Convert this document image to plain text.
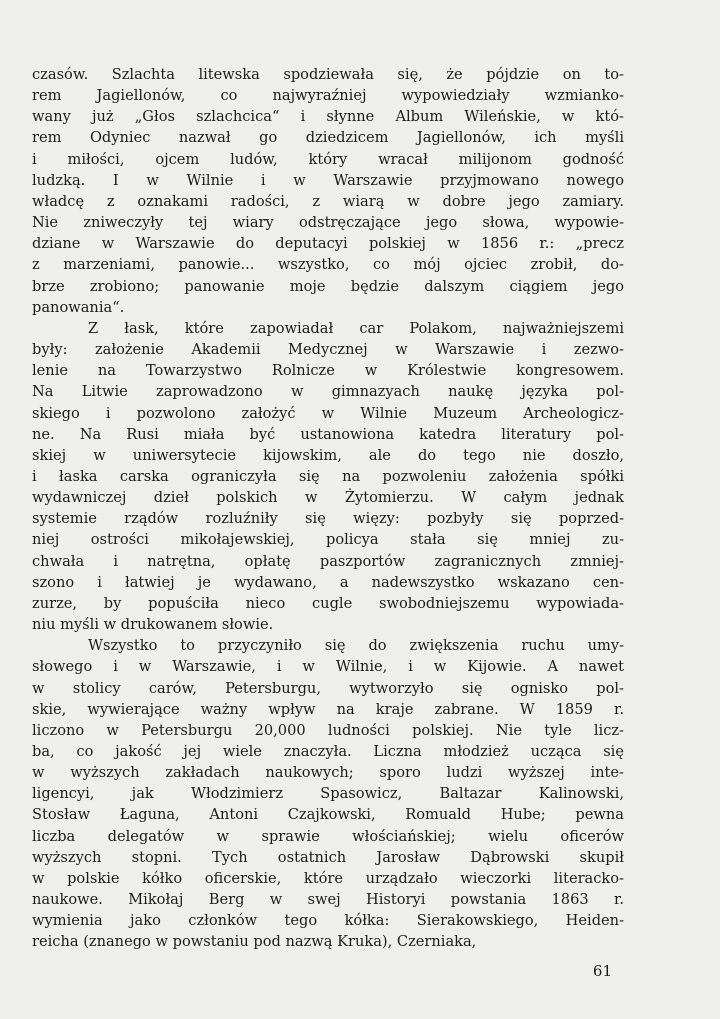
czasów. Szlachta litewska spodziewała się, że pójdzie on to-
rem Jagiellonów, co najwyraźniej wypowiedziały wzmianko-
wany już „Głos szlachcica“ i słynne Album Wileńskie, w któ-
rem Odyniec nazwał go dziedzicem Jagiellonów, ich myśli
i miłości, ojcem ludów, który wracał milijonom godność
ludzką. I w Wilnie i w Warszawie przyjmowano nowego
władcę z oznakami radości, z wiarą w dobre jego zamiary.
Nie zniweczyły tej wiary odstręczające jego słowa, wypowie-
dziane w Warszawie do deputacyi polskiej w 1856 r.: „precz
z marzeniami, panowie... wszystko, co mój ojciec zrobił, do-
brze zrobiono; panowanie moje będzie dalszym ciągiem jego
panowania“.
Z łask, które zapowiadał car Polakom, najważniejszemi
były: założenie Akademii Medycznej w Warszawie i zezwo-
lenie na Towarzystwo Rolnicze w Królestwie kongresowem.
Na Litwie zaprowadzono w gimnazyach naukę języka pol-
skiego i pozwolono założyć w Wilnie Muzeum Archeologicz-
ne. Na Rusi miała być ustanowiona katedra literatury pol-
skiej w uniwersytecie kijowskim, ale do tego nie doszło,
i łaska carska ograniczyła się na pozwoleniu założenia spółki
wydawniczej dzieł polskich w Żytomierzu. W całym jednak
systemie rządów rozluźniły się więzy: pozbyły się poprzed-
niej ostrości mikołajewskiej, policya stała się mniej zu-
chwała i natrętna, opłatę paszportów zagranicznych zmniej-
szono i łatwiej je wydawano, a nadewszystko wskazano cen-
zurze, by popuściła nieco cugle swobodniejszemu wypowiada-
niu myśli w drukowanem słowie.
Wszystko to przyczyniło się do zwiększenia ruchu umy-
słowego i w Warszawie, i w Wilnie, i w Kijowie. A nawet
w stolicy carów, Petersburgu, wytworzyło się ognisko pol-
skie, wywierające ważny wpływ na kraje zabrane. W 1859 r.
liczono w Petersburgu 20,000 ludności polskiej. Nie tyle licz-
ba, co jakość jej wiele znaczyła. Liczna młodzież ucząca się
w wyższych zakładach naukowych; sporo ludzi wyższej inte-
ligencyi, jak Włodzimierz Spasowicz, Baltazar Kalinowski,
Stosław Łaguna, Antoni Czajkowski, Romuald Hube; pewna
liczba delegatów w sprawie włościańskiej; wielu oficerów
wyższych stopni. Tych ostatnich Jarosław Dąbrowski skupił
w polskie kółko oficerskie, które urządzało wieczorki literacko-
naukowe. Mikołaj Berg w swej Historyi powstania 1863 r.
wymienia jako członków tego kółka: Sierakowskiego, Heiden-
reicha (znanego w powstaniu pod nazwą Kruka), Czerniaka,
61
